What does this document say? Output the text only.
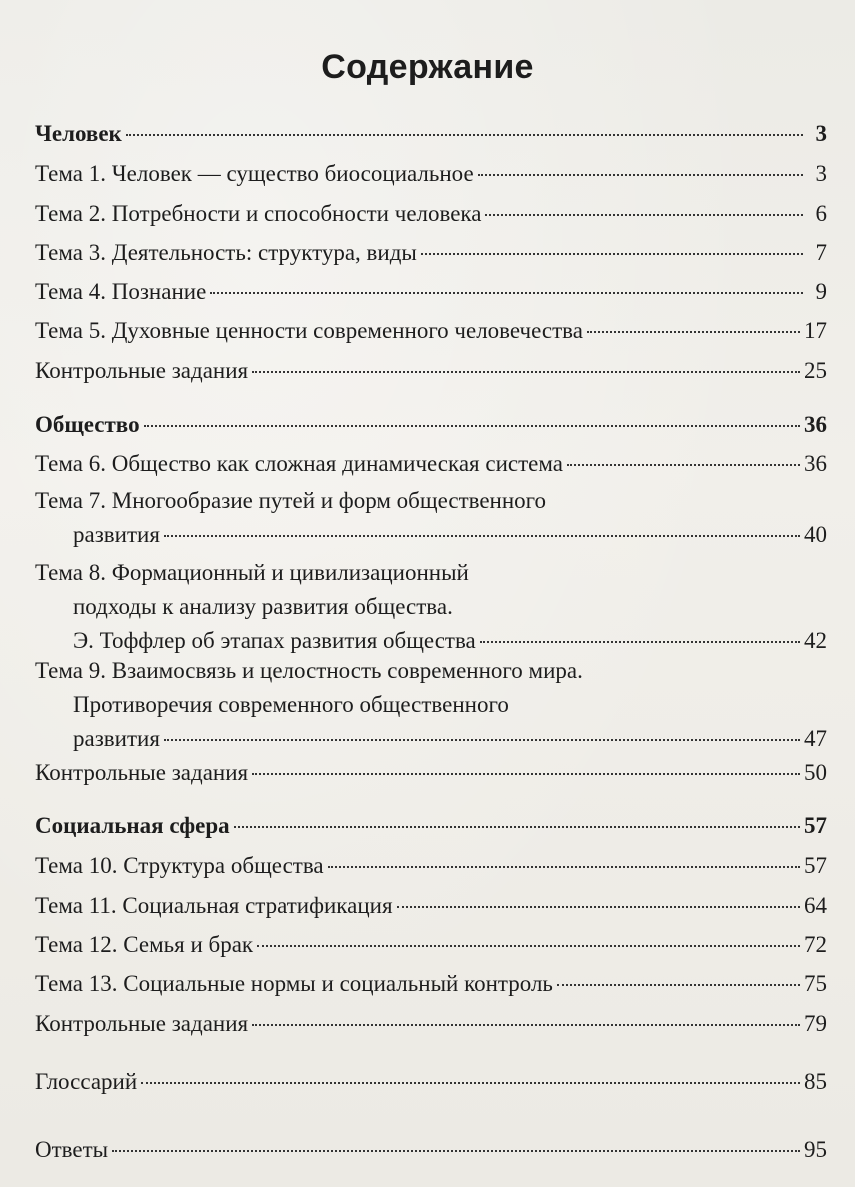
Содержание
Человек	3
Тема 1. Человек — существо биосоциальное	3
Тема 2. Потребности и способности человека	6
Тема 3. Деятельность: структура, виды	7
Тема 4. Познание	9
Тема 5. Духовные ценности современного человечества	17
Контрольные задания	25
Общество	36
Тема 6. Общество как сложная динамическая система	36
Тема 7. Многообразие путей и форм общественного
развития	40
Тема 8. Формационный и цивилизационный
подходы к анализу развития общества.
Э. Тоффлер об этапах развития общества	42
Тема 9. Взаимосвязь и целостность современного мира.
Противоречия современного общественного
развития	47
Контрольные задания	50
Социальная сфера	57
Тема 10. Структура общества	57
Тема 11. Социальная стратификация	64
Тема 12. Семья и брак	72
Тема 13. Социальные нормы и социальный контроль	75
Контрольные задания	79
Глоссарий	85
Ответы	95
